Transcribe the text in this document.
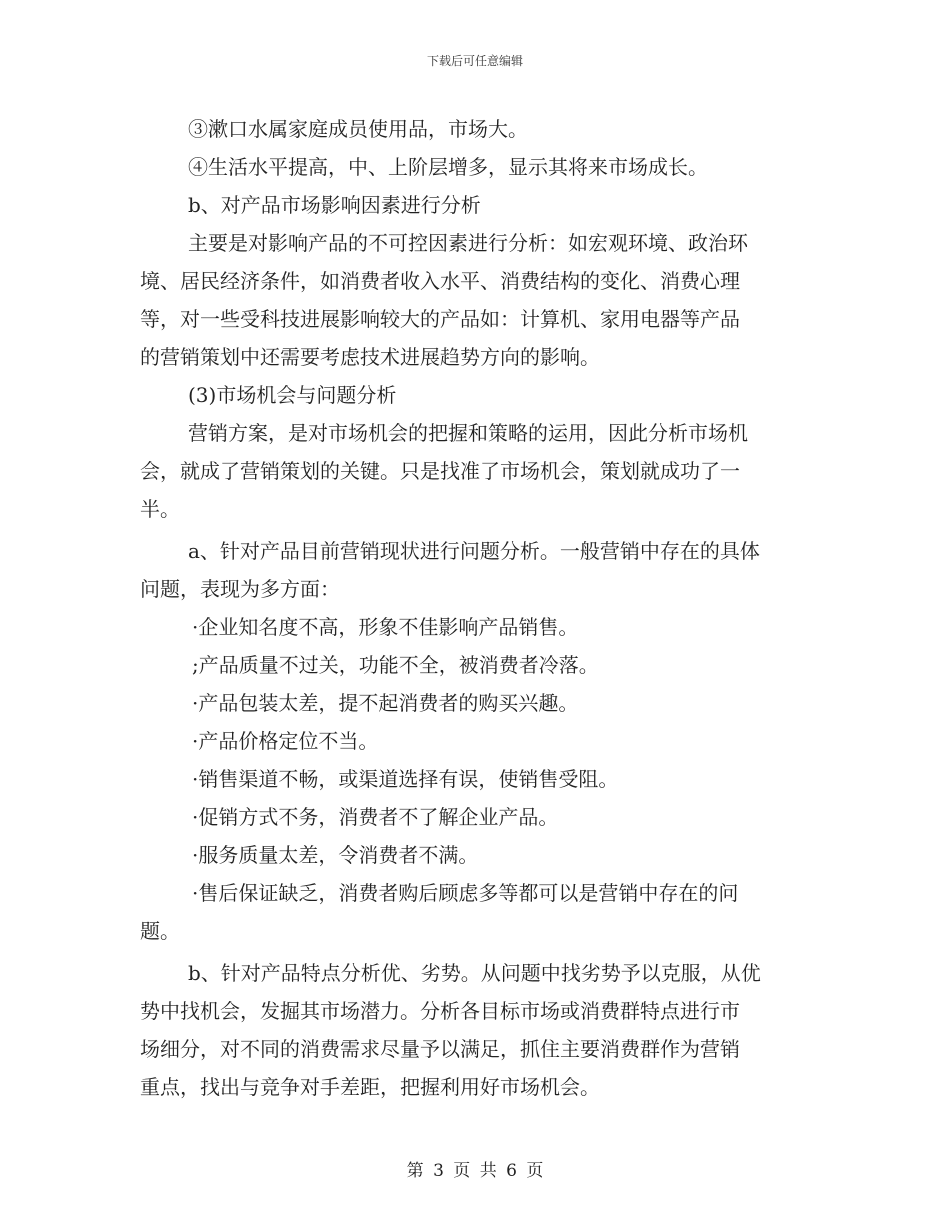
下载后可任意编辑
③漱口水属家庭成员使用品，市场大。
④生活水平提高，中、上阶层增多，显示其将来市场成长。
b、对产品市场影响因素进行分析
主要是对影响产品的不可控因素进行分析：如宏观环境、政治环
境、居民经济条件，如消费者收入水平、消费结构的变化、消费心理
等，对一些受科技进展影响较大的产品如：计算机、家用电器等产品
的营销策划中还需要考虑技术进展趋势方向的影响。
(3)市场机会与问题分析
营销方案，是对市场机会的把握和策略的运用，因此分析市场机
会，就成了营销策划的关键。只是找准了市场机会，策划就成功了一
半。
a、针对产品目前营销现状进行问题分析。一般营销中存在的具体
问题，表现为多方面：
·企业知名度不高，形象不佳影响产品销售。
;产品质量不过关，功能不全，被消费者冷落。
·产品包装太差，提不起消费者的购买兴趣。
·产品价格定位不当。
·销售渠道不畅，或渠道选择有误，使销售受阻。
·促销方式不务，消费者不了解企业产品。
·服务质量太差，令消费者不满。
·售后保证缺乏，消费者购后顾虑多等都可以是营销中存在的问
题。
b、针对产品特点分析优、劣势。从问题中找劣势予以克服，从优
势中找机会，发掘其市场潜力。分析各目标市场或消费群特点进行市
场细分，对不同的消费需求尽量予以满足，抓住主要消费群作为营销
重点，找出与竞争对手差距，把握利用好市场机会。
第 3 页 共 6 页
